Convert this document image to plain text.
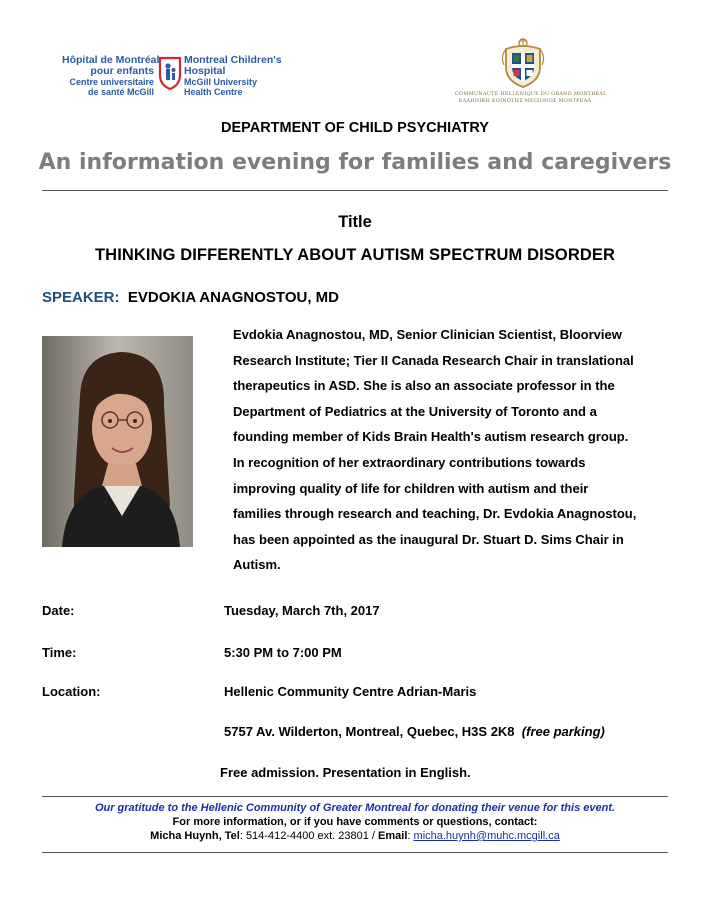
Hôpital de Montréal
pour enfants
Centre universitaire
de santé McGill
Montreal Children's
Hospital
McGill University
Health Centre	COMMUNAUTÉ HELLÉNIQUE DU GRAND MONTRÉAL
ΕΛΛΗΝΙΚΗ ΚΟΙΝΟΤΗΣ ΜΕΙΖΟΝΟΣ ΜΟΝΤΡΕΑΛ
DEPARTMENT OF CHILD PSYCHIATRY
An information evening for families and caregivers
Title
THINKING DIFFERENTLY ABOUT AUTISM SPECTRUM DISORDER
SPEAKER: EVDOKIA ANAGNOSTOU, MD
Evdokia Anagnostou, MD, Senior Clinician Scientist, Bloorview
Research Institute; Tier II Canada Research Chair in translational
therapeutics in ASD. She is also an associate professor in the
Department of Pediatrics at the University of Toronto and a
founding member of Kids Brain Health's autism research group.
In recognition of her extraordinary contributions towards
improving quality of life for children with autism and their
families through research and teaching, Dr. Evdokia Anagnostou,
has been appointed as the inaugural Dr. Stuart D. Sims Chair in
Autism.
Date:	Tuesday, March 7th, 2017
Time:	5:30 PM to 7:00 PM
Location:	Hellenic Community Centre Adrian-Maris
5757 Av. Wilderton, Montreal, Quebec, H3S 2K8 (free parking)
Free admission. Presentation in English.
Our gratitude to the Hellenic Community of Greater Montreal for donating their venue for this event.
For more information, or if you have comments or questions, contact:
Micha Huynh, Tel: 514-412-4400 ext. 23801 / Email: micha.huynh@muhc.mcgill.ca
